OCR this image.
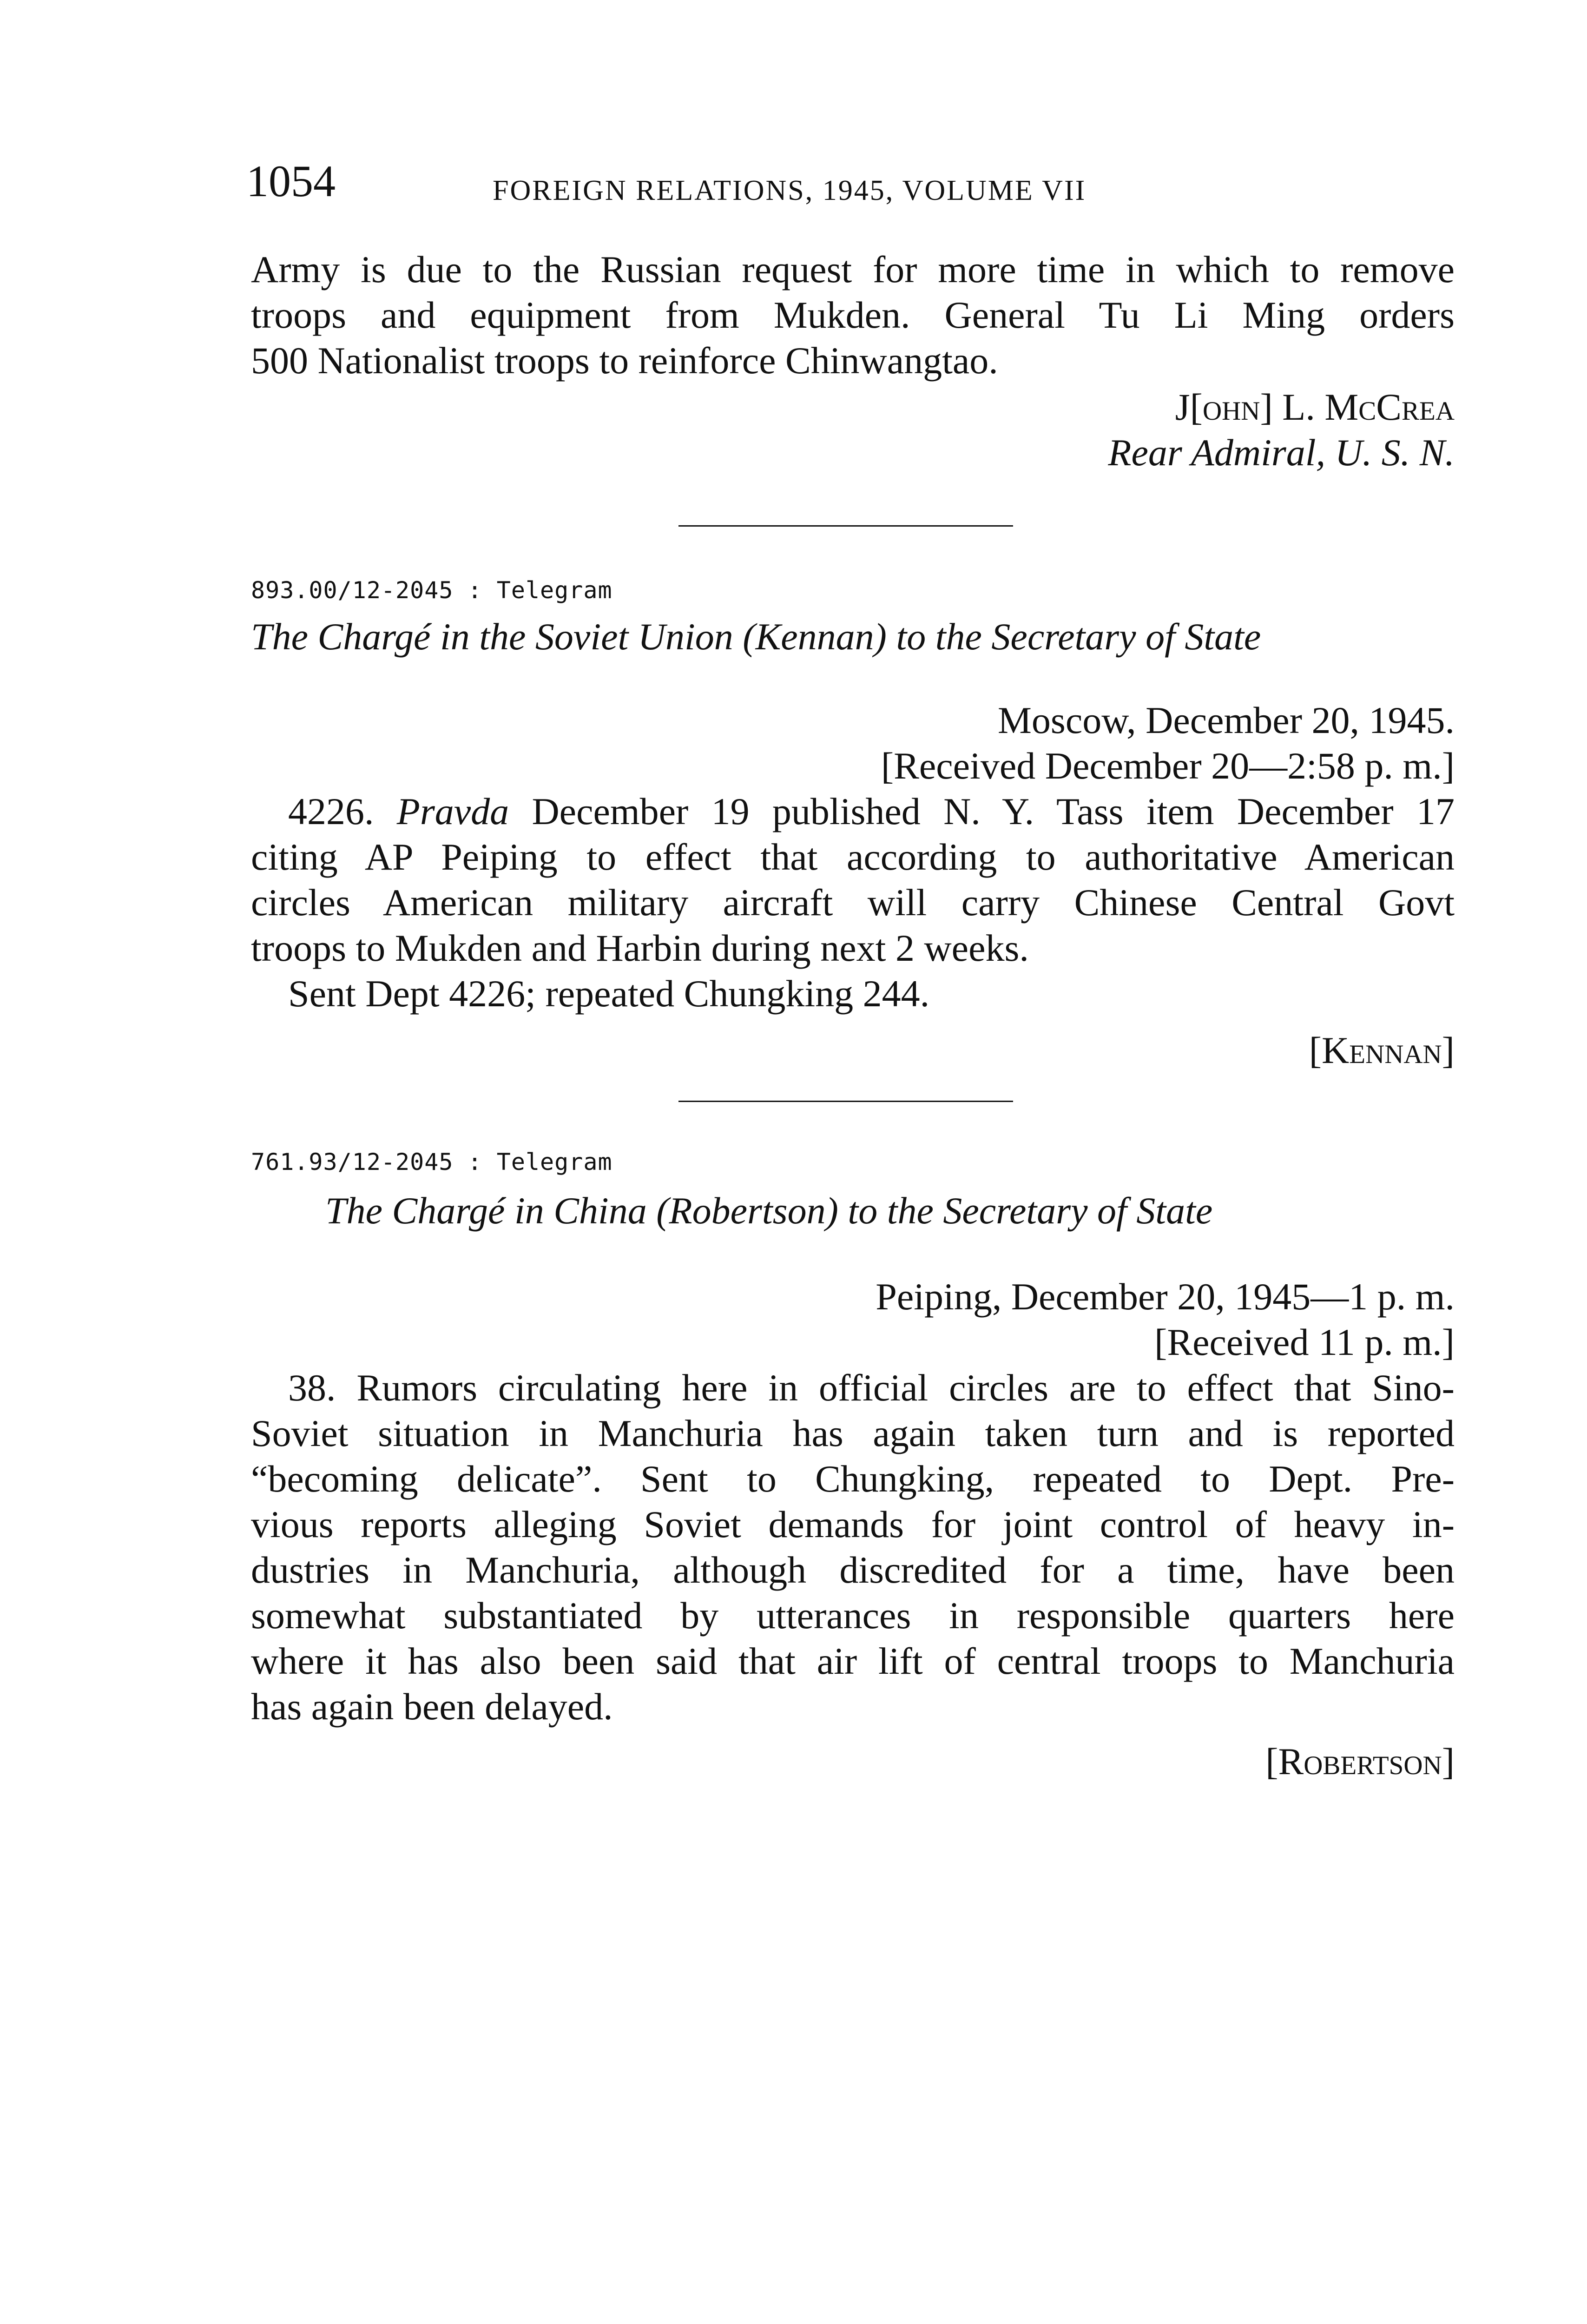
1054	FOREIGN RELATIONS, 1945, VOLUME VII
Army is due to the Russian request for more time in which to remove
troops and equipment from Mukden. General Tu Li Ming orders
500 Nationalist troops to reinforce Chinwangtao.
J[ohn] L. McCrea
Rear Admiral, U. S. N.
893.00/12-2045 : Telegram
The Chargé in the Soviet Union (Kennan) to the Secretary of State
Moscow, December 20, 1945.
[Received December 20—2:58 p. m.]
4226. Pravda December 19 published N. Y. Tass item December 17
citing AP Peiping to effect that according to authoritative American
circles American military aircraft will carry Chinese Central Govt
troops to Mukden and Harbin during next 2 weeks.
Sent Dept 4226; repeated Chungking 244.
[Kennan]
761.93/12-2045 : Telegram
The Chargé in China (Robertson) to the Secretary of State
Peiping, December 20, 1945—1 p. m.
[Received 11 p. m.]
38. Rumors circulating here in official circles are to effect that Sino-
Soviet situation in Manchuria has again taken turn and is reported
“becoming delicate”. Sent to Chungking, repeated to Dept. Pre-
vious reports alleging Soviet demands for joint control of heavy in-
dustries in Manchuria, although discredited for a time, have been
somewhat substantiated by utterances in responsible quarters here
where it has also been said that air lift of central troops to Manchuria
has again been delayed.
[Robertson]
